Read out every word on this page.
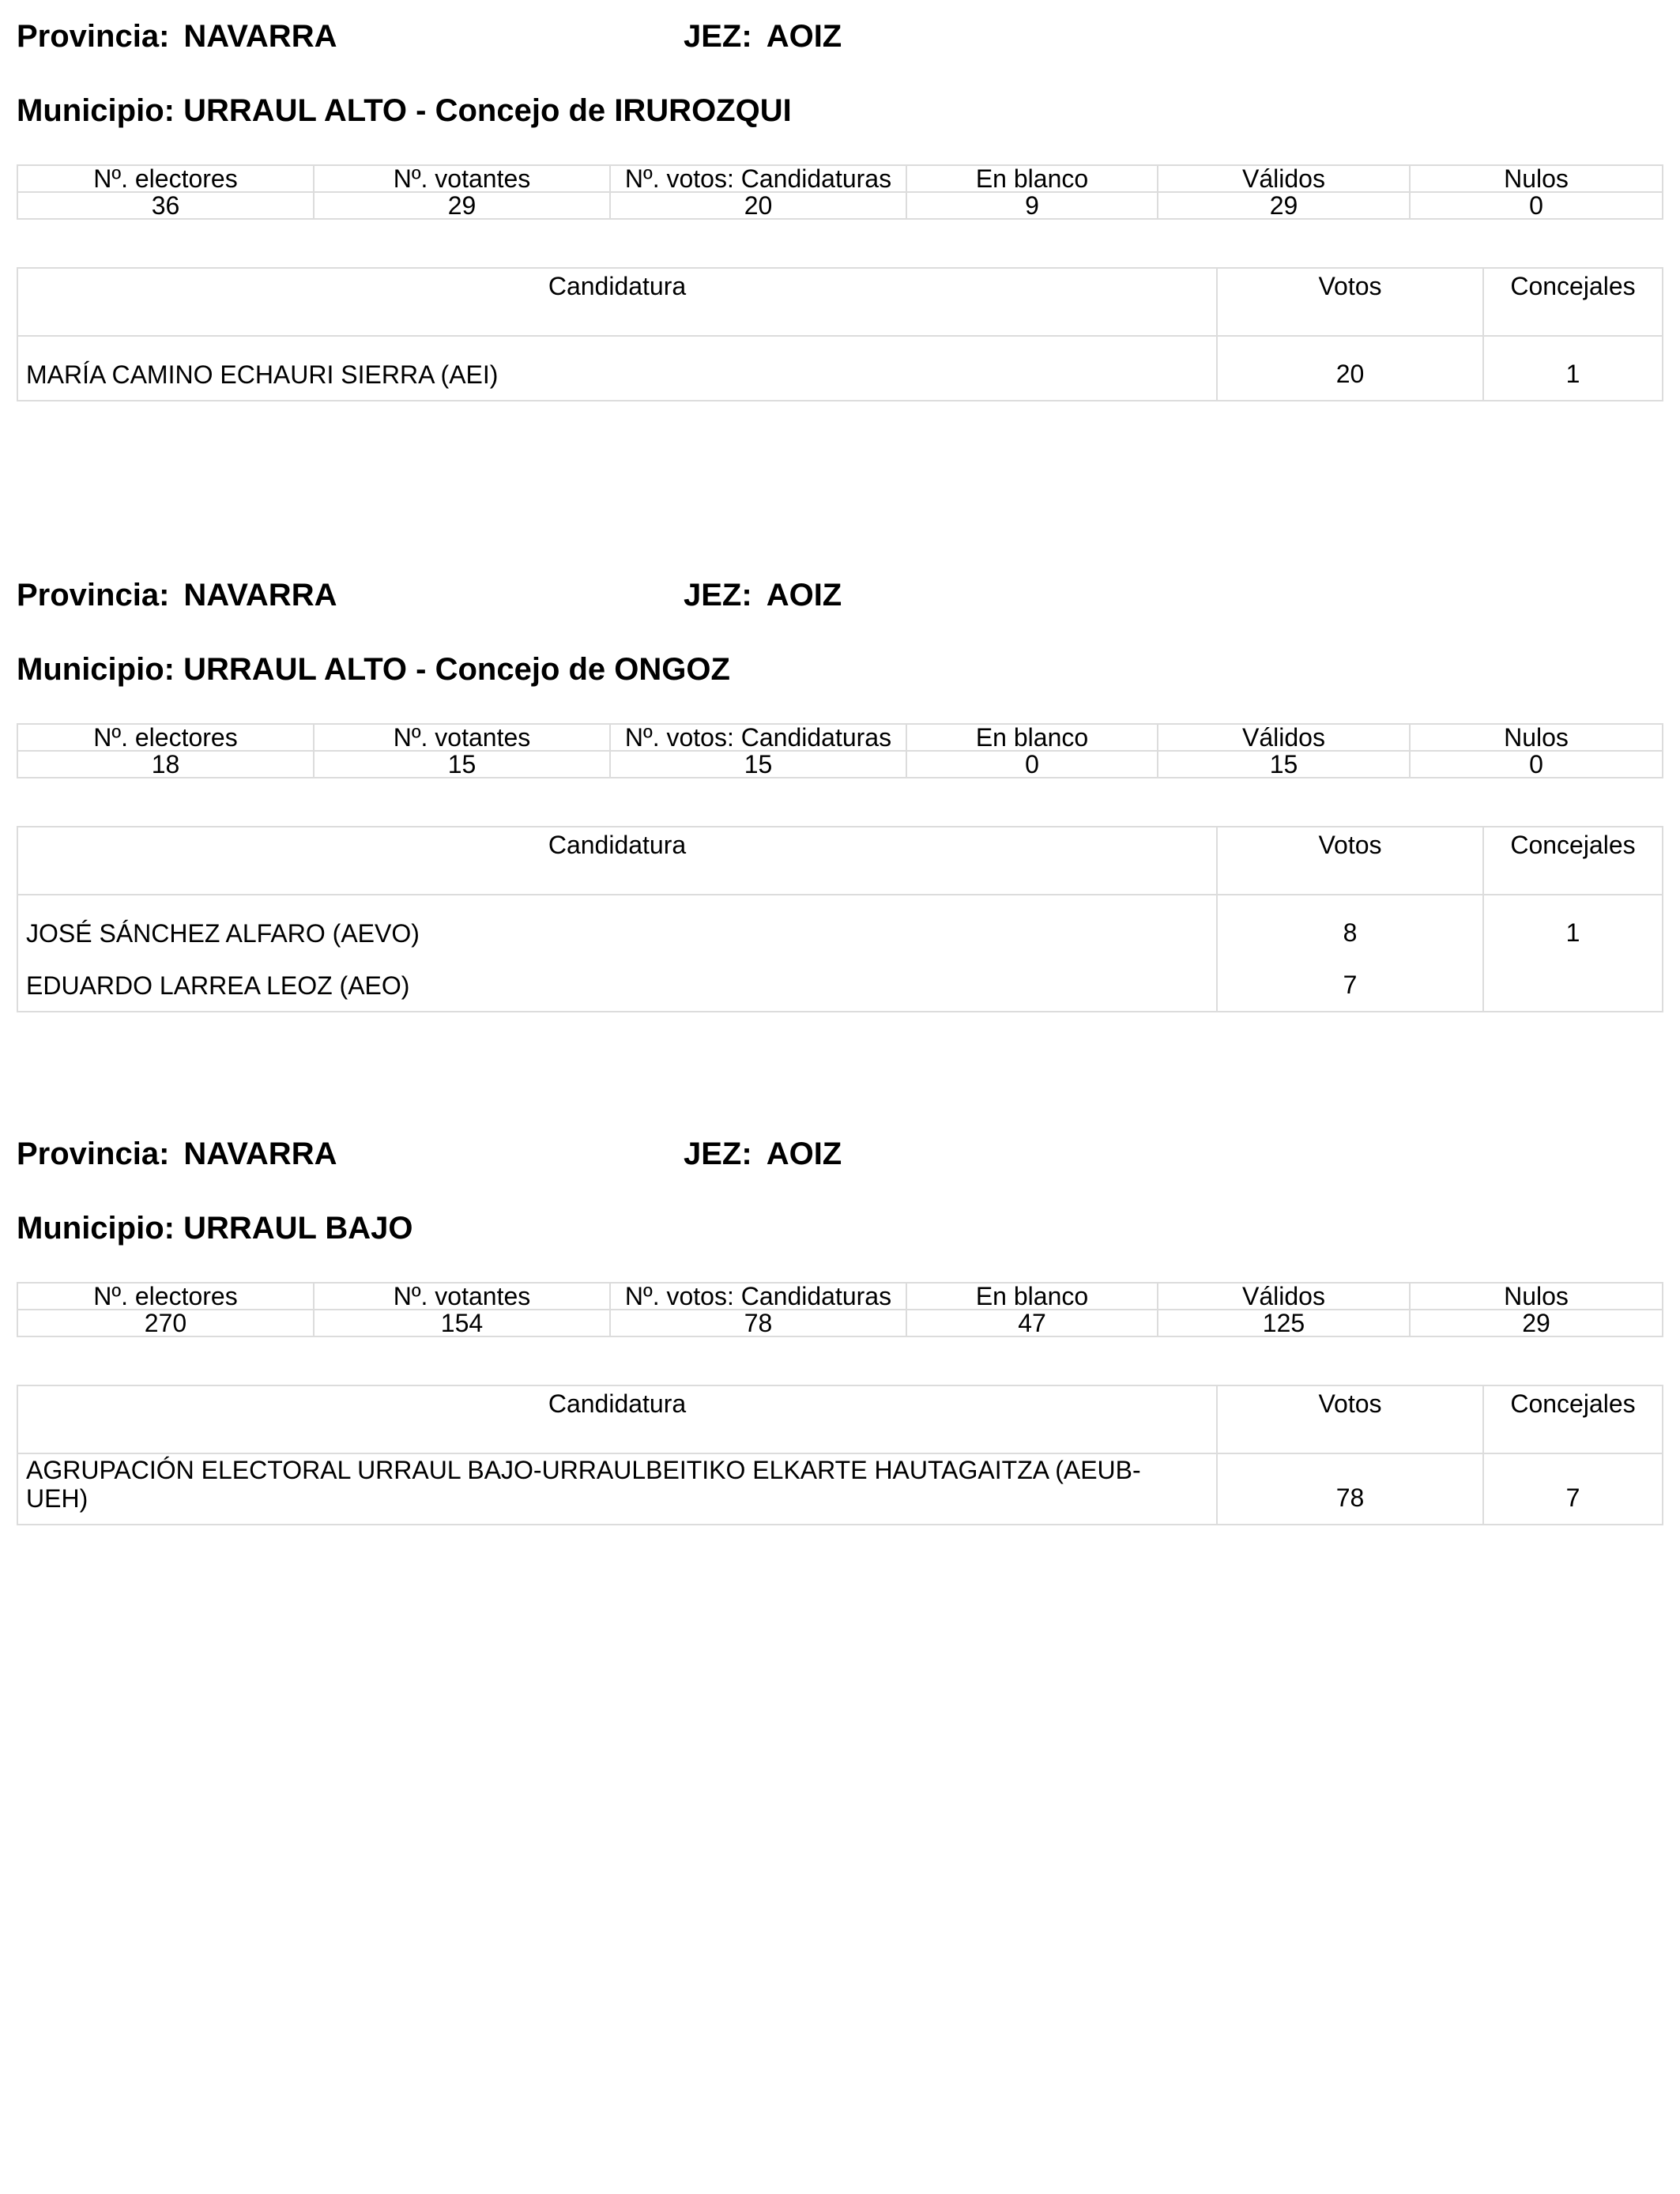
Provincia: NAVARRA	JEZ: AOIZ
Municipio: URRAUL ALTO - Concejo de IRUROZQUI
Nº. electores	Nº. votantes	Nº. votos: Candidaturas	En blanco	Válidos	Nulos
36	29	20	9	29	0
Candidatura	Votos	Concejales
MARÍA CAMINO ECHAURI SIERRA (AEI)	20	1
Provincia: NAVARRA	JEZ: AOIZ
Municipio: URRAUL ALTO - Concejo de ONGOZ
Nº. electores	Nº. votantes	Nº. votos: Candidaturas	En blanco	Válidos	Nulos
18	15	15	0	15	0
Candidatura	Votos	Concejales
JOSÉ SÁNCHEZ ALFARO (AEVO)	8	1
EDUARDO LARREA LEOZ (AEO)	7	
Provincia: NAVARRA	JEZ: AOIZ
Municipio: URRAUL BAJO
Nº. electores	Nº. votantes	Nº. votos: Candidaturas	En blanco	Válidos	Nulos
270	154	78	47	125	29
Candidatura	Votos	Concejales
AGRUPACIÓN ELECTORAL URRAUL BAJO-URRAULBEITIKO ELKARTE HAUTAGAITZA (AEUB-UEH)	78	7
